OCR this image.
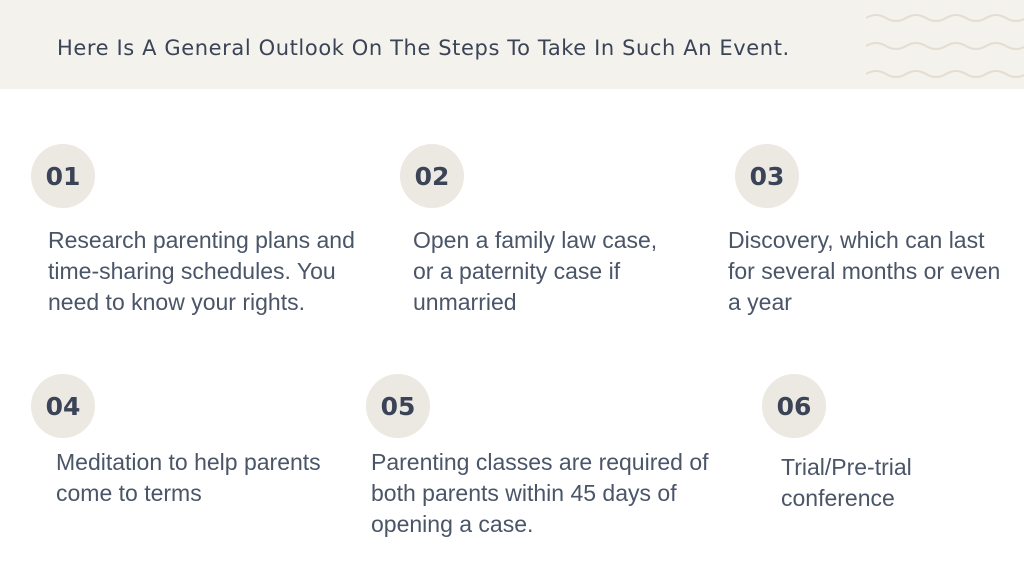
Here Is A General Outlook On The Steps To Take In Such An Event.
01

Research parenting plans and time-sharing schedules. You need to know your rights.

02

Open a family law case, or a paternity case if unmarried

03

Discovery, which can last for several months or even a year

04

Meditation to help parents come to terms

05

Parenting classes are required of both parents within 45 days of opening a case.

06

Trial/Pre-trial conference
